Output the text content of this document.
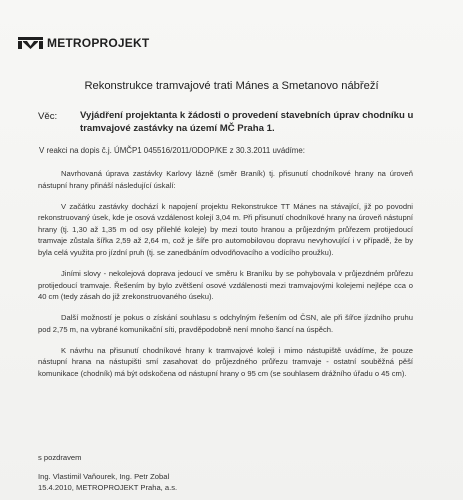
METROPROJEKT
Rekonstrukce tramvajové trati Mánes a Smetanovo nábřeží
Věc: Vyjádření projektanta k žádosti o provedení stavebních úprav chodníku u tramvajové zastávky na území MČ Praha 1.
V reakci na dopis č.j. ÚMČP1 045516/2011/ODOP/KE z 30.3.2011 uvádíme:

Navrhovaná úprava zastávky Karlovy lázně (směr Braník) tj. přisunutí chodníkové hrany na úroveň nástupní hrany přináší následující úskalí:

V začátku zastávky dochází k napojení projektu Rekonstrukce TT Mánes na stávající, již po povodni rekonstruovaný úsek, kde je osová vzdálenost kolejí 3,04 m. Při přisunutí chodníkové hrany na úroveň nástupní hrany (tj. 1,30 až 1,35 m od osy přilehlé koleje) by mezi touto hranou a průjezdným průřezem protijedoucí tramvaje zůstala šířka 2,59 až 2,64 m, což je šíře pro automobilovou dopravu nevyhovující i v případě, že by byla celá využita pro jízdní pruh (tj. se zanedbáním odvodňovacího a vodícího proužku).

Jiními slovy - nekolejová doprava jedoucí ve směru k Braníku by se pohybovala v průjezdném průřezu protijedoucí tramvaje. Řešením by bylo zvětšení osové vzdálenosti mezi tramvajovými kolejemi nejlépe cca o 40 cm (tedy zásah do již zrekonstruovaného úseku).

Další možností je pokus o získání souhlasu s odchylným řešením od ČSN, ale při šířce jízdního pruhu pod 2,75 m, na vybrané komunikační síti, pravděpodobně není mnoho šancí na úspěch.

K návrhu na přisunutí chodníkové hrany k tramvajové koleji i mimo nástupiště uvádíme, že pouze nástupní hrana na nástupišti smí zasahovat do průjezdného průřezu tramvaje - ostatní souběžná pěší komunikace (chodník) má být odskočena od nástupní hrany o 95 cm (se souhlasem drážního úřadu o 45 cm).

s pozdravem
Ing. Vlastimil Vaňourek, Ing. Petr Zobal
15.4.2010, METROPROJEKT Praha, a.s.
